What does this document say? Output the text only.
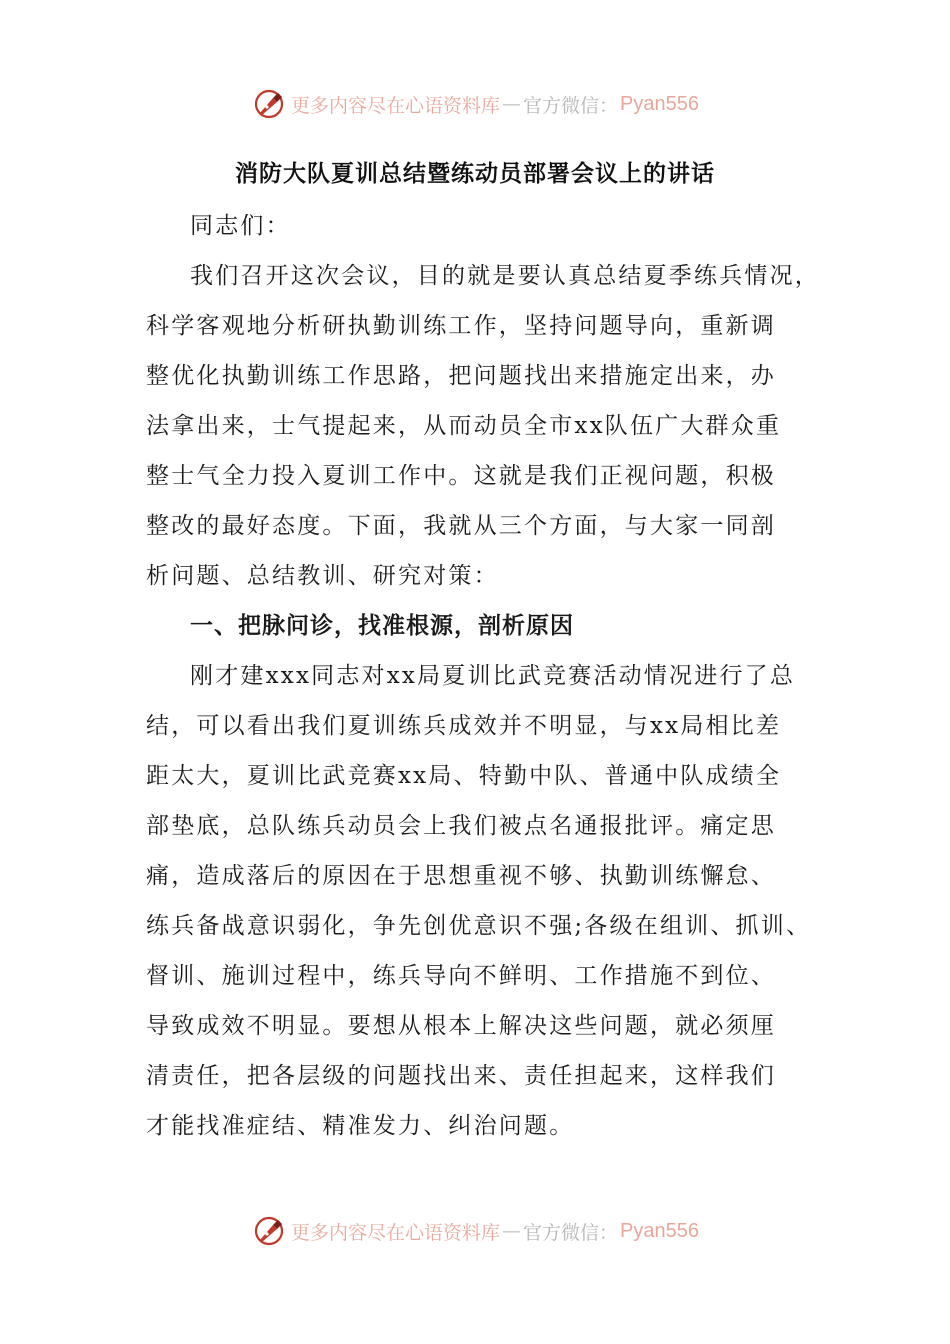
更多内容尽在心语资料库 — 官方微信： Pyan556
消防大队夏训总结暨练动员部署会议上的讲话
同志们：
我们召开这次会议，目的就是要认真总结夏季练兵情况，
科学客观地分析研执勤训练工作，坚持问题导向，重新调
整优化执勤训练工作思路，把问题找出来措施定出来，办
法拿出来，士气提起来，从而动员全市xx队伍广大群众重
整士气全力投入夏训工作中。这就是我们正视问题，积极
整改的最好态度。下面，我就从三个方面，与大家一同剖
析问题、总结教训、研究对策：
一、把脉问诊，找准根源，剖析原因
刚才建xxx同志对xx局夏训比武竞赛活动情况进行了总
结，可以看出我们夏训练兵成效并不明显，与xx局相比差
距太大，夏训比武竞赛xx局、特勤中队、普通中队成绩全
部垫底，总队练兵动员会上我们被点名通报批评。痛定思
痛，造成落后的原因在于思想重视不够、执勤训练懈怠、
练兵备战意识弱化，争先创优意识不强;各级在组训、抓训、
督训、施训过程中，练兵导向不鲜明、工作措施不到位、
导致成效不明显。要想从根本上解决这些问题，就必须厘
清责任，把各层级的问题找出来、责任担起来，这样我们
才能找准症结、精准发力、纠治问题。
更多内容尽在心语资料库 — 官方微信： Pyan556
